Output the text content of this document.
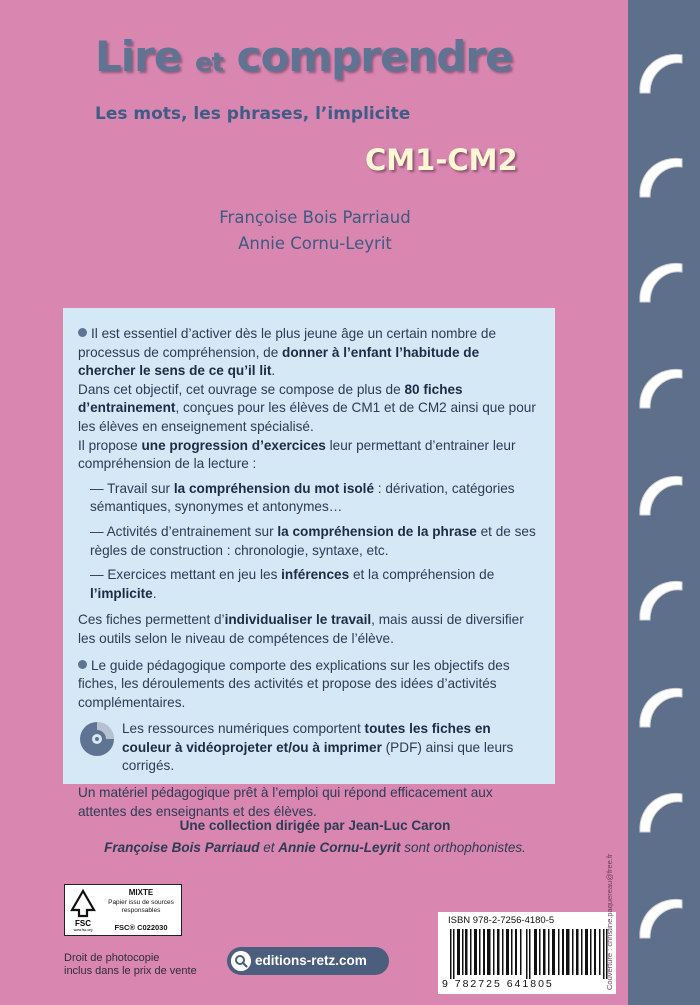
Lire et comprendre
Les mots, les phrases, l’implicite
CM1-CM2
Françoise Bois Parriaud
Annie Cornu-Leyrit

Il est essentiel d’activer dès le plus jeune âge un certain nombre de processus de compréhension, de donner à l’enfant l’habitude de chercher le sens de ce qu’il lit.

Dans cet objectif, cet ouvrage se compose de plus de 80 fiches d’entrainement, conçues pour les élèves de CM1 et de CM2 ainsi que pour les élèves en enseignement spécialisé.

Il propose une progression d’exercices leur permettant d’entrainer leur compréhension de la lecture :

— Travail sur la compréhension du mot isolé : dérivation, catégories sémantiques, synonymes et antonymes…

— Activités d’entrainement sur la compréhension de la phrase et de ses règles de construction : chronologie, syntaxe, etc.

— Exercices mettant en jeu les inférences et la compréhension de l’implicite.

Ces fiches permettent d’individualiser le travail, mais aussi de diversifier les outils selon le niveau de compétences de l’élève.

Le guide pédagogique comporte des explications sur les objectifs des fiches, les déroulements des activités et propose des idées d’activités complémentaires.

Les ressources numériques comportent toutes les fiches en couleur à vidéoprojeter et/ou à imprimer (PDF) ainsi que leurs corrigés.

Un matériel pédagogique prêt à l’emploi qui répond efficacement aux attentes des enseignants et des élèves.

Une collection dirigée par Jean-Luc Caron
Françoise Bois Parriaud et Annie Cornu-Leyrit sont orthophonistes.
FSC
www.fsc.org
MIXTE
Papier issu de sources responsables
FSC® C022030
Droit de photocopie
inclus dans le prix de vente
editions-retz.com
ISBN 978-2-7256-4180-5
9 782725 641805	Couverture : christine.paquereau@free.fr
